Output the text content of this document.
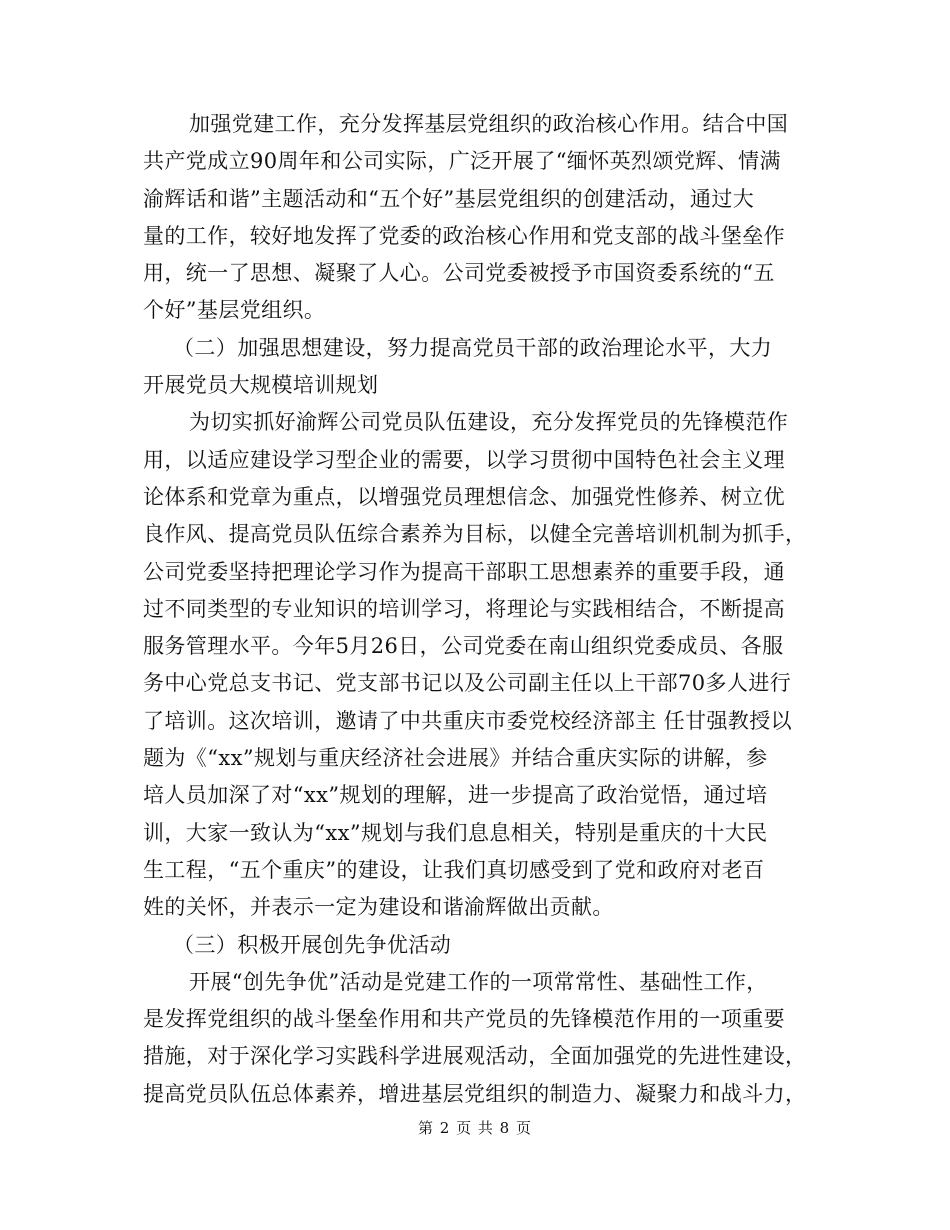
加强党建工作，充分发挥基层党组织的政治核心作用。结合中国
共产党成立90周年和公司实际，广泛开展了“缅怀英烈颂党辉、情满
渝辉话和谐”主题活动和“五个好”基层党组织的创建活动，通过大
量的工作，较好地发挥了党委的政治核心作用和党支部的战斗堡垒作
用，统一了思想、凝聚了人心。公司党委被授予市国资委系统的“五
个好”基层党组织。
（二）加强思想建设，努力提高党员干部的政治理论水平，大力
开展党员大规模培训规划
为切实抓好渝辉公司党员队伍建设，充分发挥党员的先锋模范作
用，以适应建设学习型企业的需要，以学习贯彻中国特色社会主义理
论体系和党章为重点，以增强党员理想信念、加强党性修养、树立优
良作风、提高党员队伍综合素养为目标，以健全完善培训机制为抓手，
公司党委坚持把理论学习作为提高干部职工思想素养的重要手段，通
过不同类型的专业知识的培训学习，将理论与实践相结合，不断提高
服务管理水平。今年5月26日，公司党委在南山组织党委成员、各服
务中心党总支书记、党支部书记以及公司副主任以上干部70多人进行
了培训。这次培训，邀请了中共重庆市委党校经济部主 任甘强教授以
题为《“xx”规划与重庆经济社会进展》并结合重庆实际的讲解，参
培人员加深了对“xx”规划的理解，进一步提高了政治觉悟，通过培
训，大家一致认为“xx”规划与我们息息相关，特别是重庆的十大民
生工程，“五个重庆”的建设，让我们真切感受到了党和政府对老百
姓的关怀，并表示一定为建设和谐渝辉做出贡献。
（三）积极开展创先争优活动
开展“创先争优”活动是党建工作的一项常常性、基础性工作，
是发挥党组织的战斗堡垒作用和共产党员的先锋模范作用的一项重要
措施，对于深化学习实践科学进展观活动，全面加强党的先进性建设，
提高党员队伍总体素养，增进基层党组织的制造力、凝聚力和战斗力，
第 2 页 共 8 页
